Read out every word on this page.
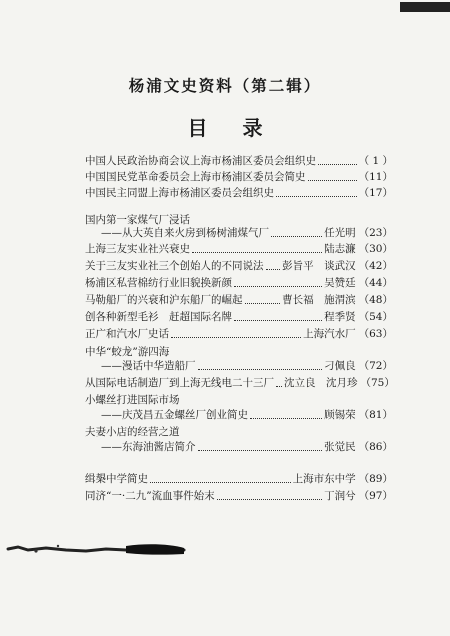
杨浦文史资料（第二辑）
目 录
中国人民政治协商会议上海市杨浦区委员会组织史	（ 1 ）
中国国民党革命委员会上海市杨浦区委员会简史	（11）
中国民主同盟上海市杨浦区委员会组织史	（17）
国内第一家煤气厂浸话
——从大英自来火房到杨树浦煤气厂	任光明 （23）
上海三友实业社兴衰史	陆志濂 （30）
关于三友实业社三个创始人的不同说法 彭旨平　谈武汉 （42）
杨浦区私营棉纺行业旧貌换新颜	吴赞廷 （44）
马勒船厂的兴衰和沪东船厂的崛起	曹长福　施渭滨 （48）
创各种新型毛衫　赶超国际名牌	程季贤 （54）
正广和汽水厂史话	上海汽水厂 （63）
中华“蛟龙”游四海
——漫话中华造船厂	刁佩良 （72）
从国际电话制造厂到上海无线电二十三厂 沈立良　沈月珍 （75）
小螺丝打进国际市场
——庆茂昌五金螺丝厂创业简史	顾锡荣 （81）
夫妻小店的经营之道
——东海油酱店简介	张觉民 （86）
缉槼中学简史	上海市东中学 （89）
同济“一·二九”流血事件始末	丁润兮 （97）
